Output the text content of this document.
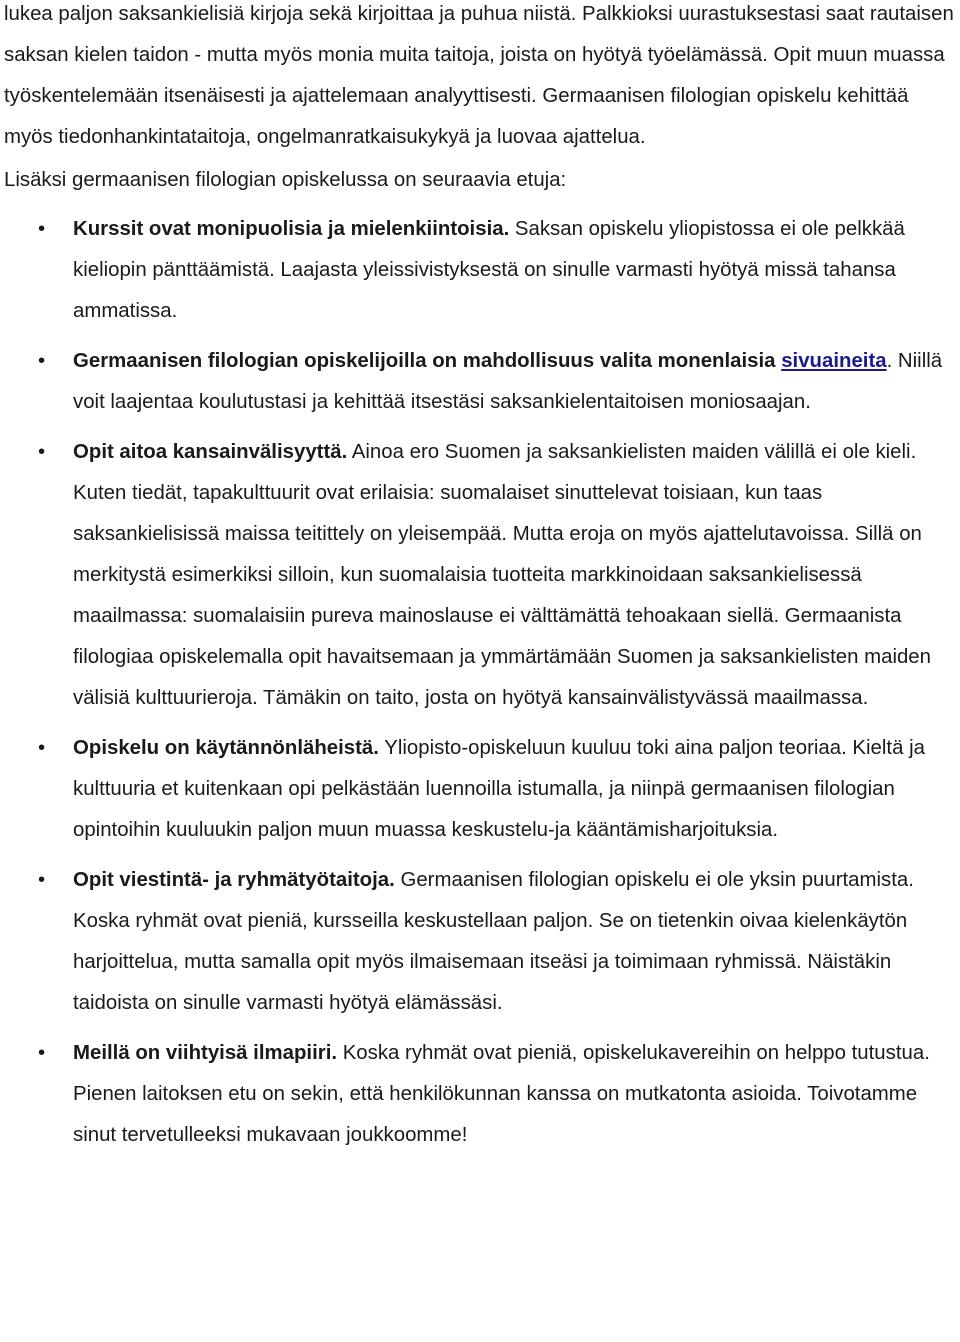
lukea paljon saksankielisiä kirjoja sekä kirjoittaa ja puhua niistä. Palkkioksi uurastuksestasi saat rautaisen saksan kielen taidon - mutta myös monia muita taitoja, joista on hyötyä työelämässä. Opit muun muassa työskentelemään itsenäisesti ja ajattelemaan analyyttisesti. Germaanisen filologian opiskelu kehittää myös tiedonhankintataitoja, ongelmanratkaisukykyä ja luovaa ajattelua.

Lisäksi germaanisen filologian opiskelussa on seuraavia etuja:

• Kurssit ovat monipuolisia ja mielenkiintoisia. Saksan opiskelu yliopistossa ei ole pelkkää kieliopin pänttäämistä. Laajasta yleissivistyksestä on sinulle varmasti hyötyä missä tahansa ammatissa.
• Germaanisen filologian opiskelijoilla on mahdollisuus valita monenlaisia sivuaineita. Niillä voit laajentaa koulutustasi ja kehittää itsestäsi saksankielentaitoisen moniosaajan.
• Opit aitoa kansainvälisyyttä. Ainoa ero Suomen ja saksankielisten maiden välillä ei ole kieli. Kuten tiedät, tapakulttuurit ovat erilaisia: suomalaiset sinuttelevat toisiaan, kun taas saksankielisissä maissa teitittely on yleisempää. Mutta eroja on myös ajattelutavoissa. Sillä on merkitystä esimerkiksi silloin, kun suomalaisia tuotteita markkinoidaan saksankielisessä maailmassa: suomalaisiin pureva mainoslause ei välttämättä tehoakaan siellä. Germaanista filologiaa opiskelemalla opit havaitsemaan ja ymmärtämään Suomen ja saksankielisten maiden välisiä kulttuurieroja. Tämäkin on taito, josta on hyötyä kansainvälistyvässä maailmassa.
• Opiskelu on käytännönläheistä. Yliopisto-opiskeluun kuuluu toki aina paljon teoriaa. Kieltä ja kulttuuria et kuitenkaan opi pelkästään luennoilla istumalla, ja niinpä germaanisen filologian opintoihin kuuluukin paljon muun muassa keskustelu-ja kääntämisharjoituksia.
• Opit viestintä- ja ryhmätyötaitoja. Germaanisen filologian opiskelu ei ole yksin puurtamista. Koska ryhmät ovat pieniä, kursseilla keskustellaan paljon. Se on tietenkin oivaa kielenkäytön harjoittelua, mutta samalla opit myös ilmaisemaan itseäsi ja toimimaan ryhmissä. Näistäkin taidoista on sinulle varmasti hyötyä elämässäsi.
• Meillä on viihtyisä ilmapiiri. Koska ryhmät ovat pieniä, opiskelukavereihin on helppo tutustua. Pienen laitoksen etu on sekin, että henkilökunnan kanssa on mutkatonta asioida. Toivotamme sinut tervetulleeksi mukavaan joukkoomme!
